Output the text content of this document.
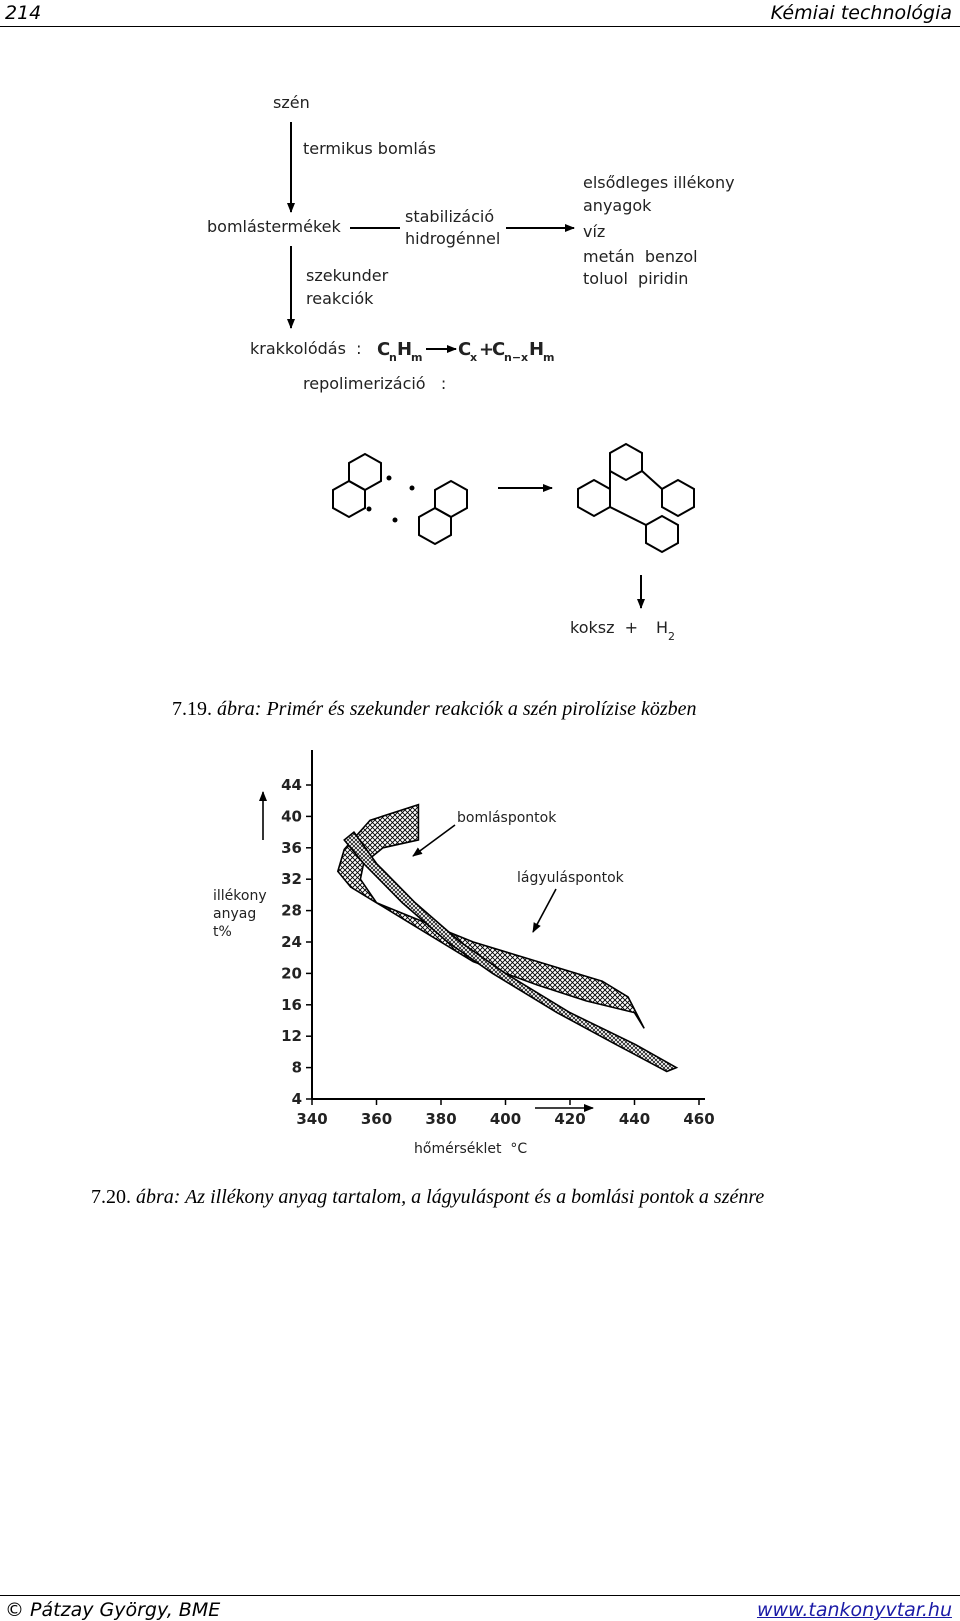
214	Kémiai technológia
szén
termikus bomlás
bomlástermékek
stabilizáció
hidrogénnel
elsődleges illékony
anyagok
víz
metán  benzol
toluol  piridin
szekunder
reakciók
krakkolódás  :
repolimerizáció   :
koksz  +
C
n H
m C
x +
C
n−x H
m
H 2
7.19. ábra: Primér és szekunder reakciók a szén pirolízise közben
340 360 380 400 420 440 460
44
40
36
32
28
24
20
16
12
8
4
illékony
anyag
t%
hőmérséklet  °C
bomláspontok
lágyuláspontok
7.20. ábra: Az illékony anyag tartalom, a lágyuláspont és a bomlási pontok a szénre
© Pátzay György, BME	www.tankonyvtar.hu
